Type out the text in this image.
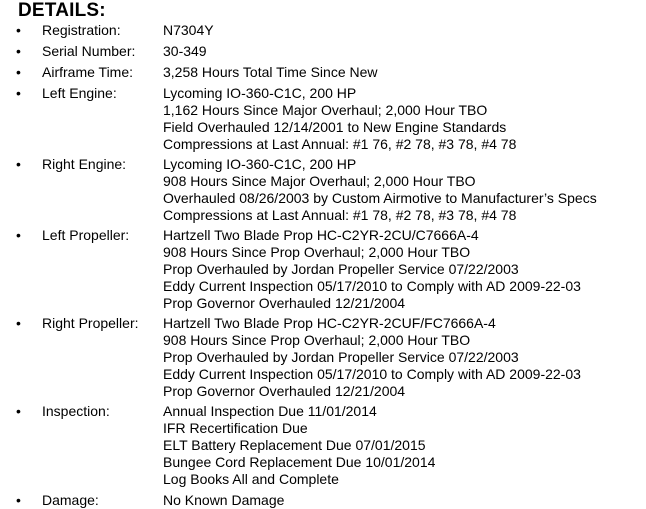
DETAILS:
• Registration:	N7304Y
• Serial Number: 30-349
• Airframe Time: 3,258 Hours Total Time Since New
• Left Engine:	Lycoming IO-360-C1C, 200 HP
1,162 Hours Since Major Overhaul; 2,000 Hour TBO
Field Overhauled 12/14/2001 to New Engine Standards
Compressions at Last Annual: #1 76, #2 78, #3 78, #4 78
• Right Engine:	Lycoming IO-360-C1C, 200 HP
908 Hours Since Major Overhaul; 2,000 Hour TBO
Overhauled 08/26/2003 by Custom Airmotive to Manufacturer’s Specs
Compressions at Last Annual: #1 78, #2 78, #3 78, #4 78
• Left Propeller: Hartzell Two Blade Prop HC-C2YR-2CU/C7666A-4
908 Hours Since Prop Overhaul; 2,000 Hour TBO
Prop Overhauled by Jordan Propeller Service 07/22/2003
Eddy Current Inspection 05/17/2010 to Comply with AD 2009-22-03
Prop Governor Overhauled 12/21/2004
• Right Propeller: Hartzell Two Blade Prop HC-C2YR-2CUF/FC7666A-4
908 Hours Since Prop Overhaul; 2,000 Hour TBO
Prop Overhauled by Jordan Propeller Service 07/22/2003
Eddy Current Inspection 05/17/2010 to Comply with AD 2009-22-03
Prop Governor Overhauled 12/21/2004
• Inspection:	Annual Inspection Due 11/01/2014
IFR Recertification Due
ELT Battery Replacement Due 07/01/2015
Bungee Cord Replacement Due 10/01/2014
Log Books All and Complete
• Damage:	No Known Damage
